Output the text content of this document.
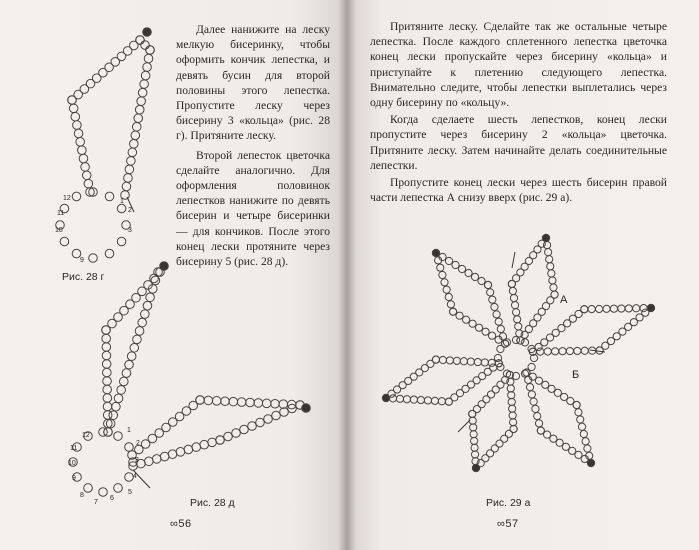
Далее нанижите на леску мелкую бисеринку, чтобы оформить кончик лепестка, и девять бусин для второй половины этого лепестка. Пропустите леску через бисерину 3 «кольца» (рис. 28 г). Притяните леску.

Второй лепесток цветочка сделайте аналогично. Для оформления половинок лепестков нанижите по девять бисерин и четыре бисеринки — для кончиков. После этого конец лески протяните через бисерину 5 (рис. 28 д).

Притяните леску. Сделайте так же остальные четыре лепестка. После каждого сплетенного лепестка цветочка конец лески пропускайте через бисерину «кольца» и приступайте к плетению следующего лепестка. Внимательно следите, чтобы лепестки выплетались через одну бисерину по «кольцу».

Когда сделаете шесть лепестков, конец лески пропустите через бисерину 2 «кольца» цветочка. Притяните леску. Затем начинайте делать соединительные лепестки.

Пропустите конец лески через шесть бисерин правой части лепестка А снизу вверх (рис. 29 а).

1
2
3
9
10
11
12
1
2
3
4
5
6
7
8
9
10
11
12
А
Б
Рис. 28 г
Рис. 28 д	Рис. 29 а
∞56	∞57
